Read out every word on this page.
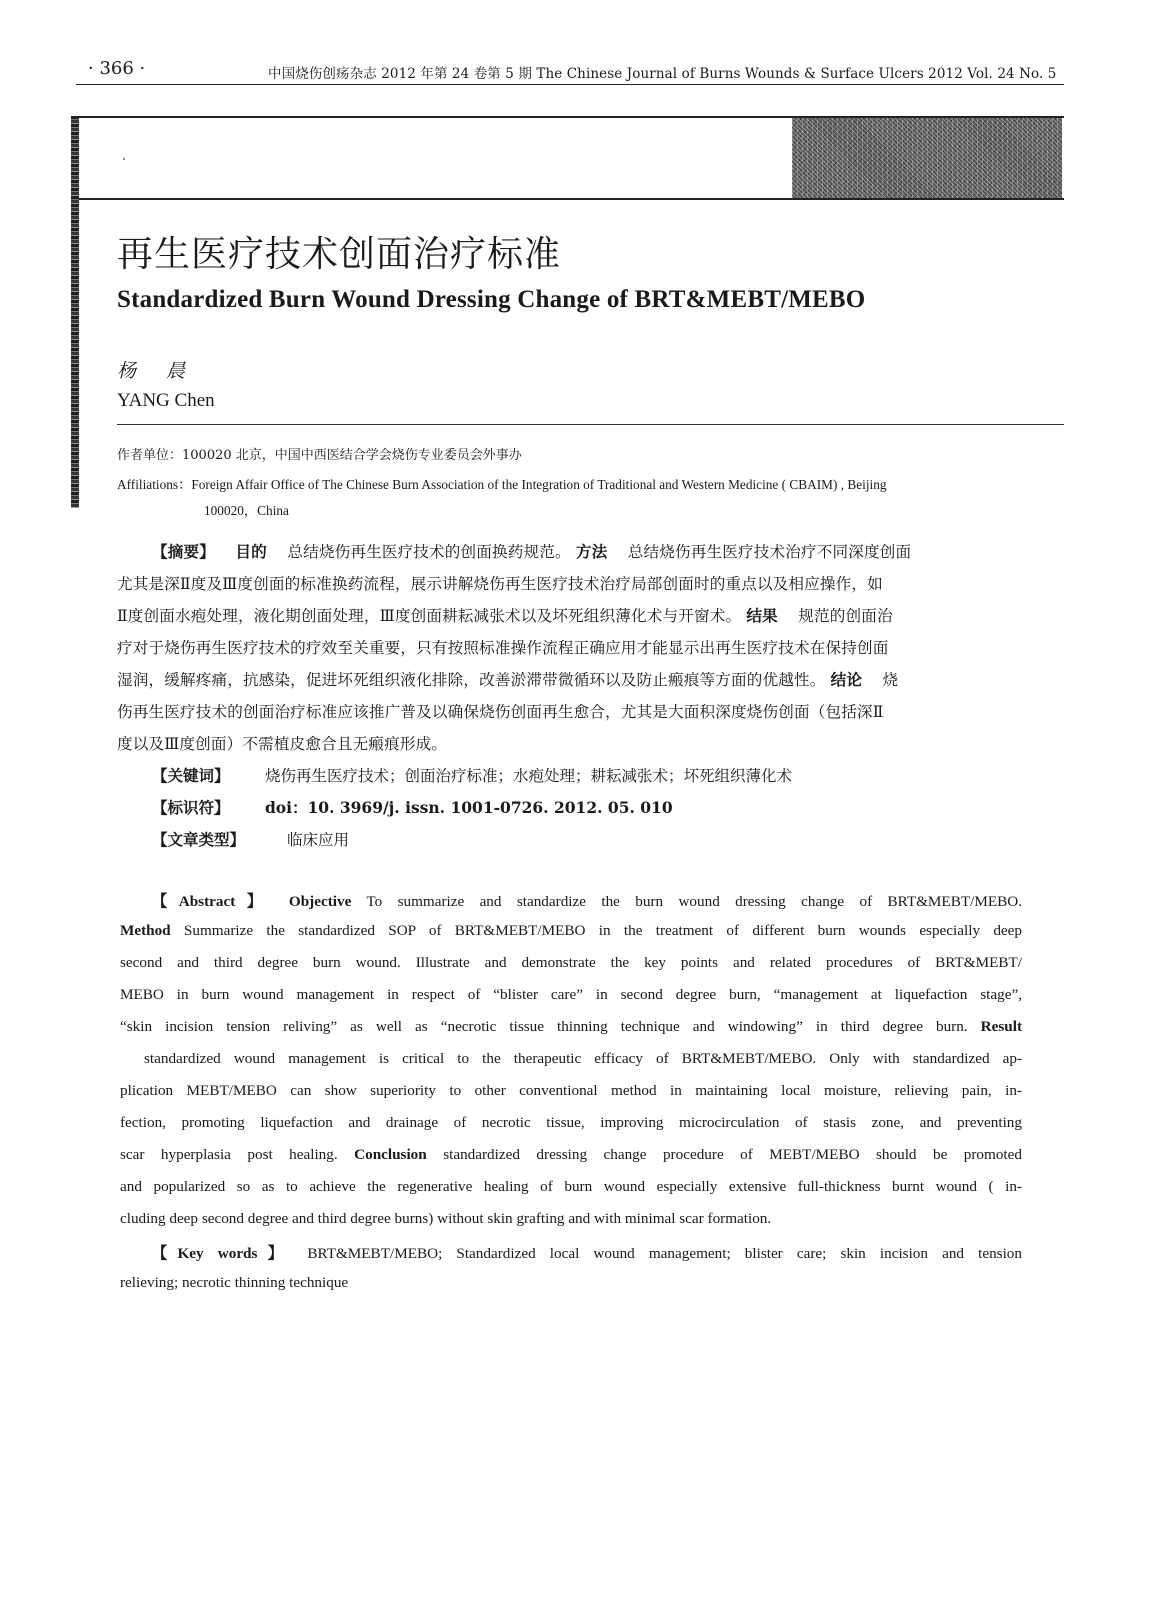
· 366 ·	中国烧伤创疡杂志 2012 年第 24 卷第 5 期 The Chinese Journal of Burns Wounds & Surface Ulcers 2012 Vol. 24 No. 5
再生医疗技术创面治疗标准
Standardized Burn Wound Dressing Change of BRT&MEBT/MEBO
杨 晨
YANG Chen
作者单位：100020 北京，中国中西医结合学会烧伤专业委员会外事办
Affiliations：Foreign Affair Office of The Chinese Burn Association of the Integration of Traditional and Western Medicine ( CBAIM) , Beijing
100020，China
【摘要】 目的 总结烧伤再生医疗技术的创面换药规范。 方法 总结烧伤再生医疗技术治疗不同深度创面
尤其是深Ⅱ度及Ⅲ度创面的标准换药流程，展示讲解烧伤再生医疗技术治疗局部创面时的重点以及相应操作，如
Ⅱ度创面水疱处理，液化期创面处理，Ⅲ度创面耕耘减张术以及坏死组织薄化术与开窗术。 结果 规范的创面治
疗对于烧伤再生医疗技术的疗效至关重要，只有按照标准操作流程正确应用才能显示出再生医疗技术在保持创面
湿润，缓解疼痛，抗感染，促进坏死组织液化排除，改善淤滞带微循环以及防止瘢痕等方面的优越性。 结论 烧
伤再生医疗技术的创面治疗标准应该推广普及以确保烧伤创面再生愈合，尤其是大面积深度烧伤创面（包括深Ⅱ
度以及Ⅲ度创面）不需植皮愈合且无瘢痕形成。
【关键词】 烧伤再生医疗技术；创面治疗标准；水疱处理；耕耘减张术；坏死组织薄化术
【标识符】 doi：10. 3969/j. issn. 1001-0726. 2012. 05. 010
【文章类型】	临床应用
【Abstract】 Objective To summarize and standardize the burn wound dressing change of BRT&MEBT/MEBO.
Method Summarize the standardized SOP of BRT&MEBT/MEBO in the treatment of different burn wounds especially deep
second and third degree burn wound. Illustrate and demonstrate the key points and related procedures of BRT&MEBT/
MEBO in burn wound management in respect of “blister care” in second degree burn, “management at liquefaction stage”,
“skin incision tension reliving” as well as “necrotic tissue thinning technique and windowing” in third degree burn. Result
standardized wound management is critical to the therapeutic efficacy of BRT&MEBT/MEBO. Only with standardized ap-
plication MEBT/MEBO can show superiority to other conventional method in maintaining local moisture, relieving pain, in-
fection, promoting liquefaction and drainage of necrotic tissue, improving microcirculation of stasis zone, and preventing
scar hyperplasia post healing. Conclusion standardized dressing change procedure of MEBT/MEBO should be promoted
and popularized so as to achieve the regenerative healing of burn wound especially extensive full-thickness burnt wound ( in-
cluding deep second degree and third degree burns) without skin grafting and with minimal scar formation.
【Key words】 BRT&MEBT/MEBO; Standardized local wound management; blister care; skin incision and tension
relieving; necrotic thinning technique
